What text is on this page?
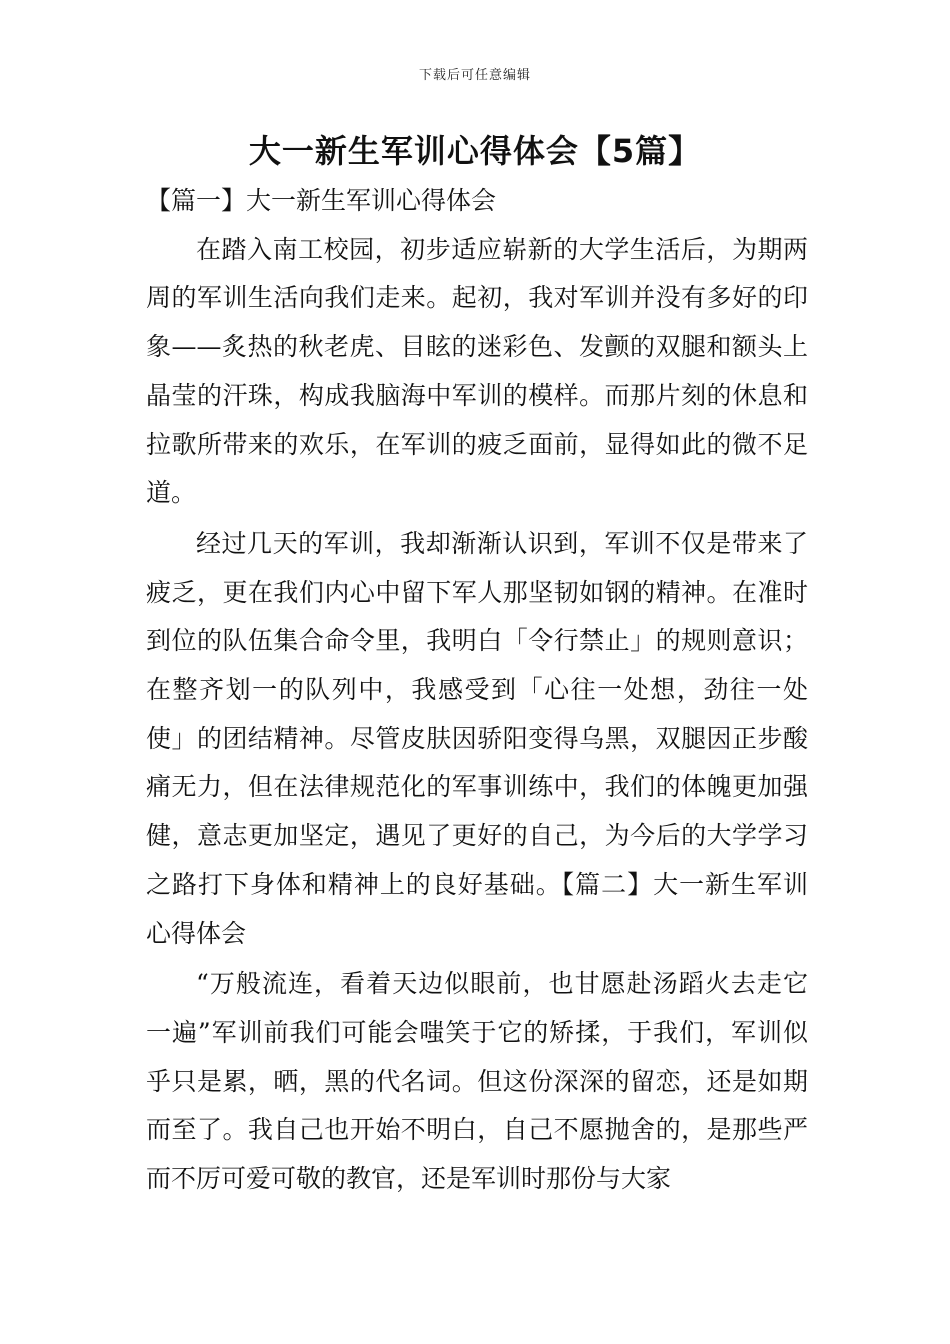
下载后可任意编辑
大一新生军训心得体会【5篇】

【篇一】大一新生军训心得体会

在踏入南工校园，初步适应崭新的大学生活后，为期两周的军训生活向我们走来。起初，我对军训并没有多好的印象——炙热的秋老虎、目眩的迷彩色、发颤的双腿和额头上晶莹的汗珠，构成我脑海中军训的模样。而那片刻的休息和拉歌所带来的欢乐，在军训的疲乏面前，显得如此的微不足道。

经过几天的军训，我却渐渐认识到，军训不仅是带来了疲乏，更在我们内心中留下军人那坚韧如钢的精神。在准时到位的队伍集合命令里，我明白「令行禁止」的规则意识；在整齐划一的队列中，我感受到「心往一处想，劲往一处使」的团结精神。尽管皮肤因骄阳变得乌黑，双腿因正步酸痛无力，但在法律规范化的军事训练中，我们的体魄更加强健，意志更加坚定，遇见了更好的自己，为今后的大学学习之路打下身体和精神上的良好基础。【篇二】大一新生军训心得体会

“万般流连，看着天边似眼前，也甘愿赴汤蹈火去走它一遍”军训前我们可能会嗤笑于它的矫揉，于我们，军训似乎只是累，晒，黑的代名词。但这份深深的留恋，还是如期而至了。我自己也开始不明白，自己不愿抛舍的，是那些严而不厉可爱可敬的教官，还是军训时那份与大家
